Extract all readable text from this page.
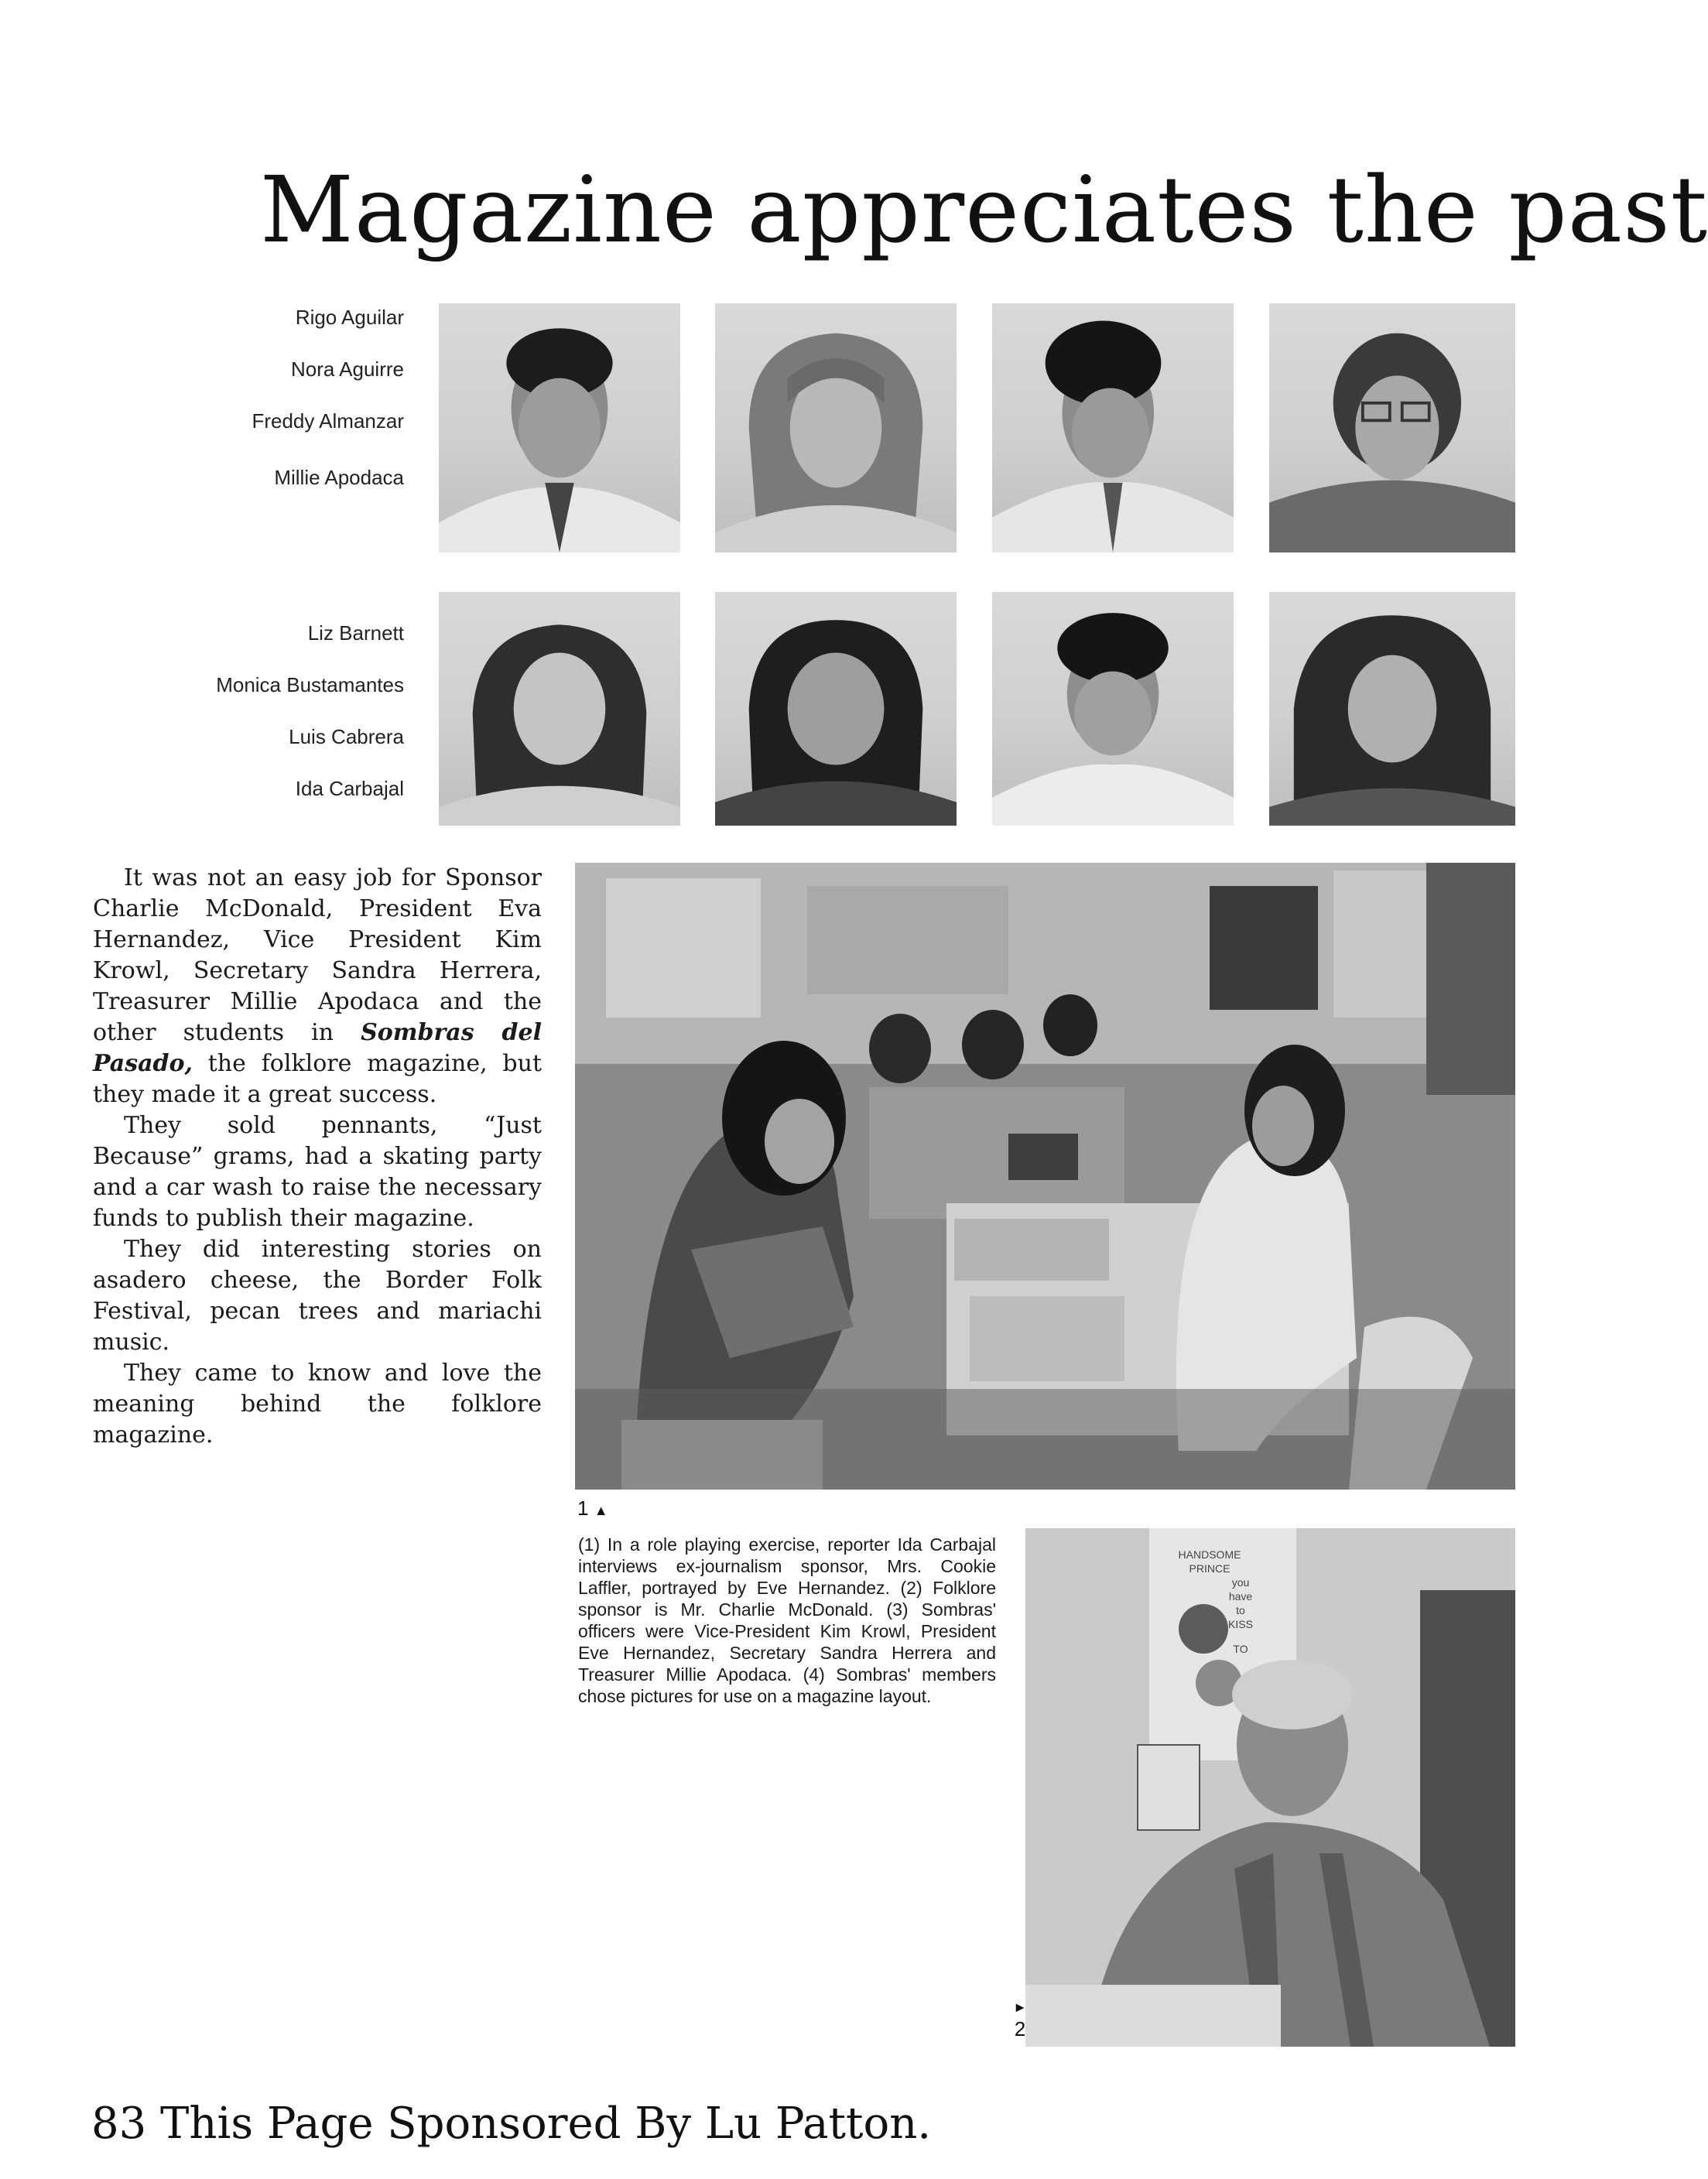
Magazine appreciates the past
Rigo Aguilar
Nora Aguirre
Freddy Almanzar
Millie Apodaca
Liz Barnett
Monica Bustamantes
Luis Cabrera
Ida Carbajal

It was not an easy job for Sponsor Charlie McDonald, President Eva Hernandez, Vice President Kim Krowl, Secretary Sandra Herrera, Treasurer Millie Apodaca and the other students in Sombras del Pasado, the folklore magazine, but they made it a great success.

They sold pennants, “Just Because” grams, had a skating party and a car wash to raise the necessary funds to publish their magazine.

They did interesting stories on asadero cheese, the Border Folk Festival, pecan trees and mariachi music.

They came to know and love the meaning behind the folklore magazine.

1 ▲
(1) In a role playing exercise, reporter Ida Carbajal interviews ex-journalism sponsor, Mrs. Cookie Laffler, portrayed by Eve Hernandez. (2) Folklore sponsor is Mr. Charlie McDonald. (3) Sombras' officers were Vice-President Kim Krowl, President Eve Hernandez, Secretary Sandra Herrera and Treasurer Millie Apodaca. (4) Sombras' members chose pictures for use on a magazine layout.
HANDSOME
PRINCE
you
have
to
KISS
TO
►
2
83 This Page Sponsored By Lu Patton.
